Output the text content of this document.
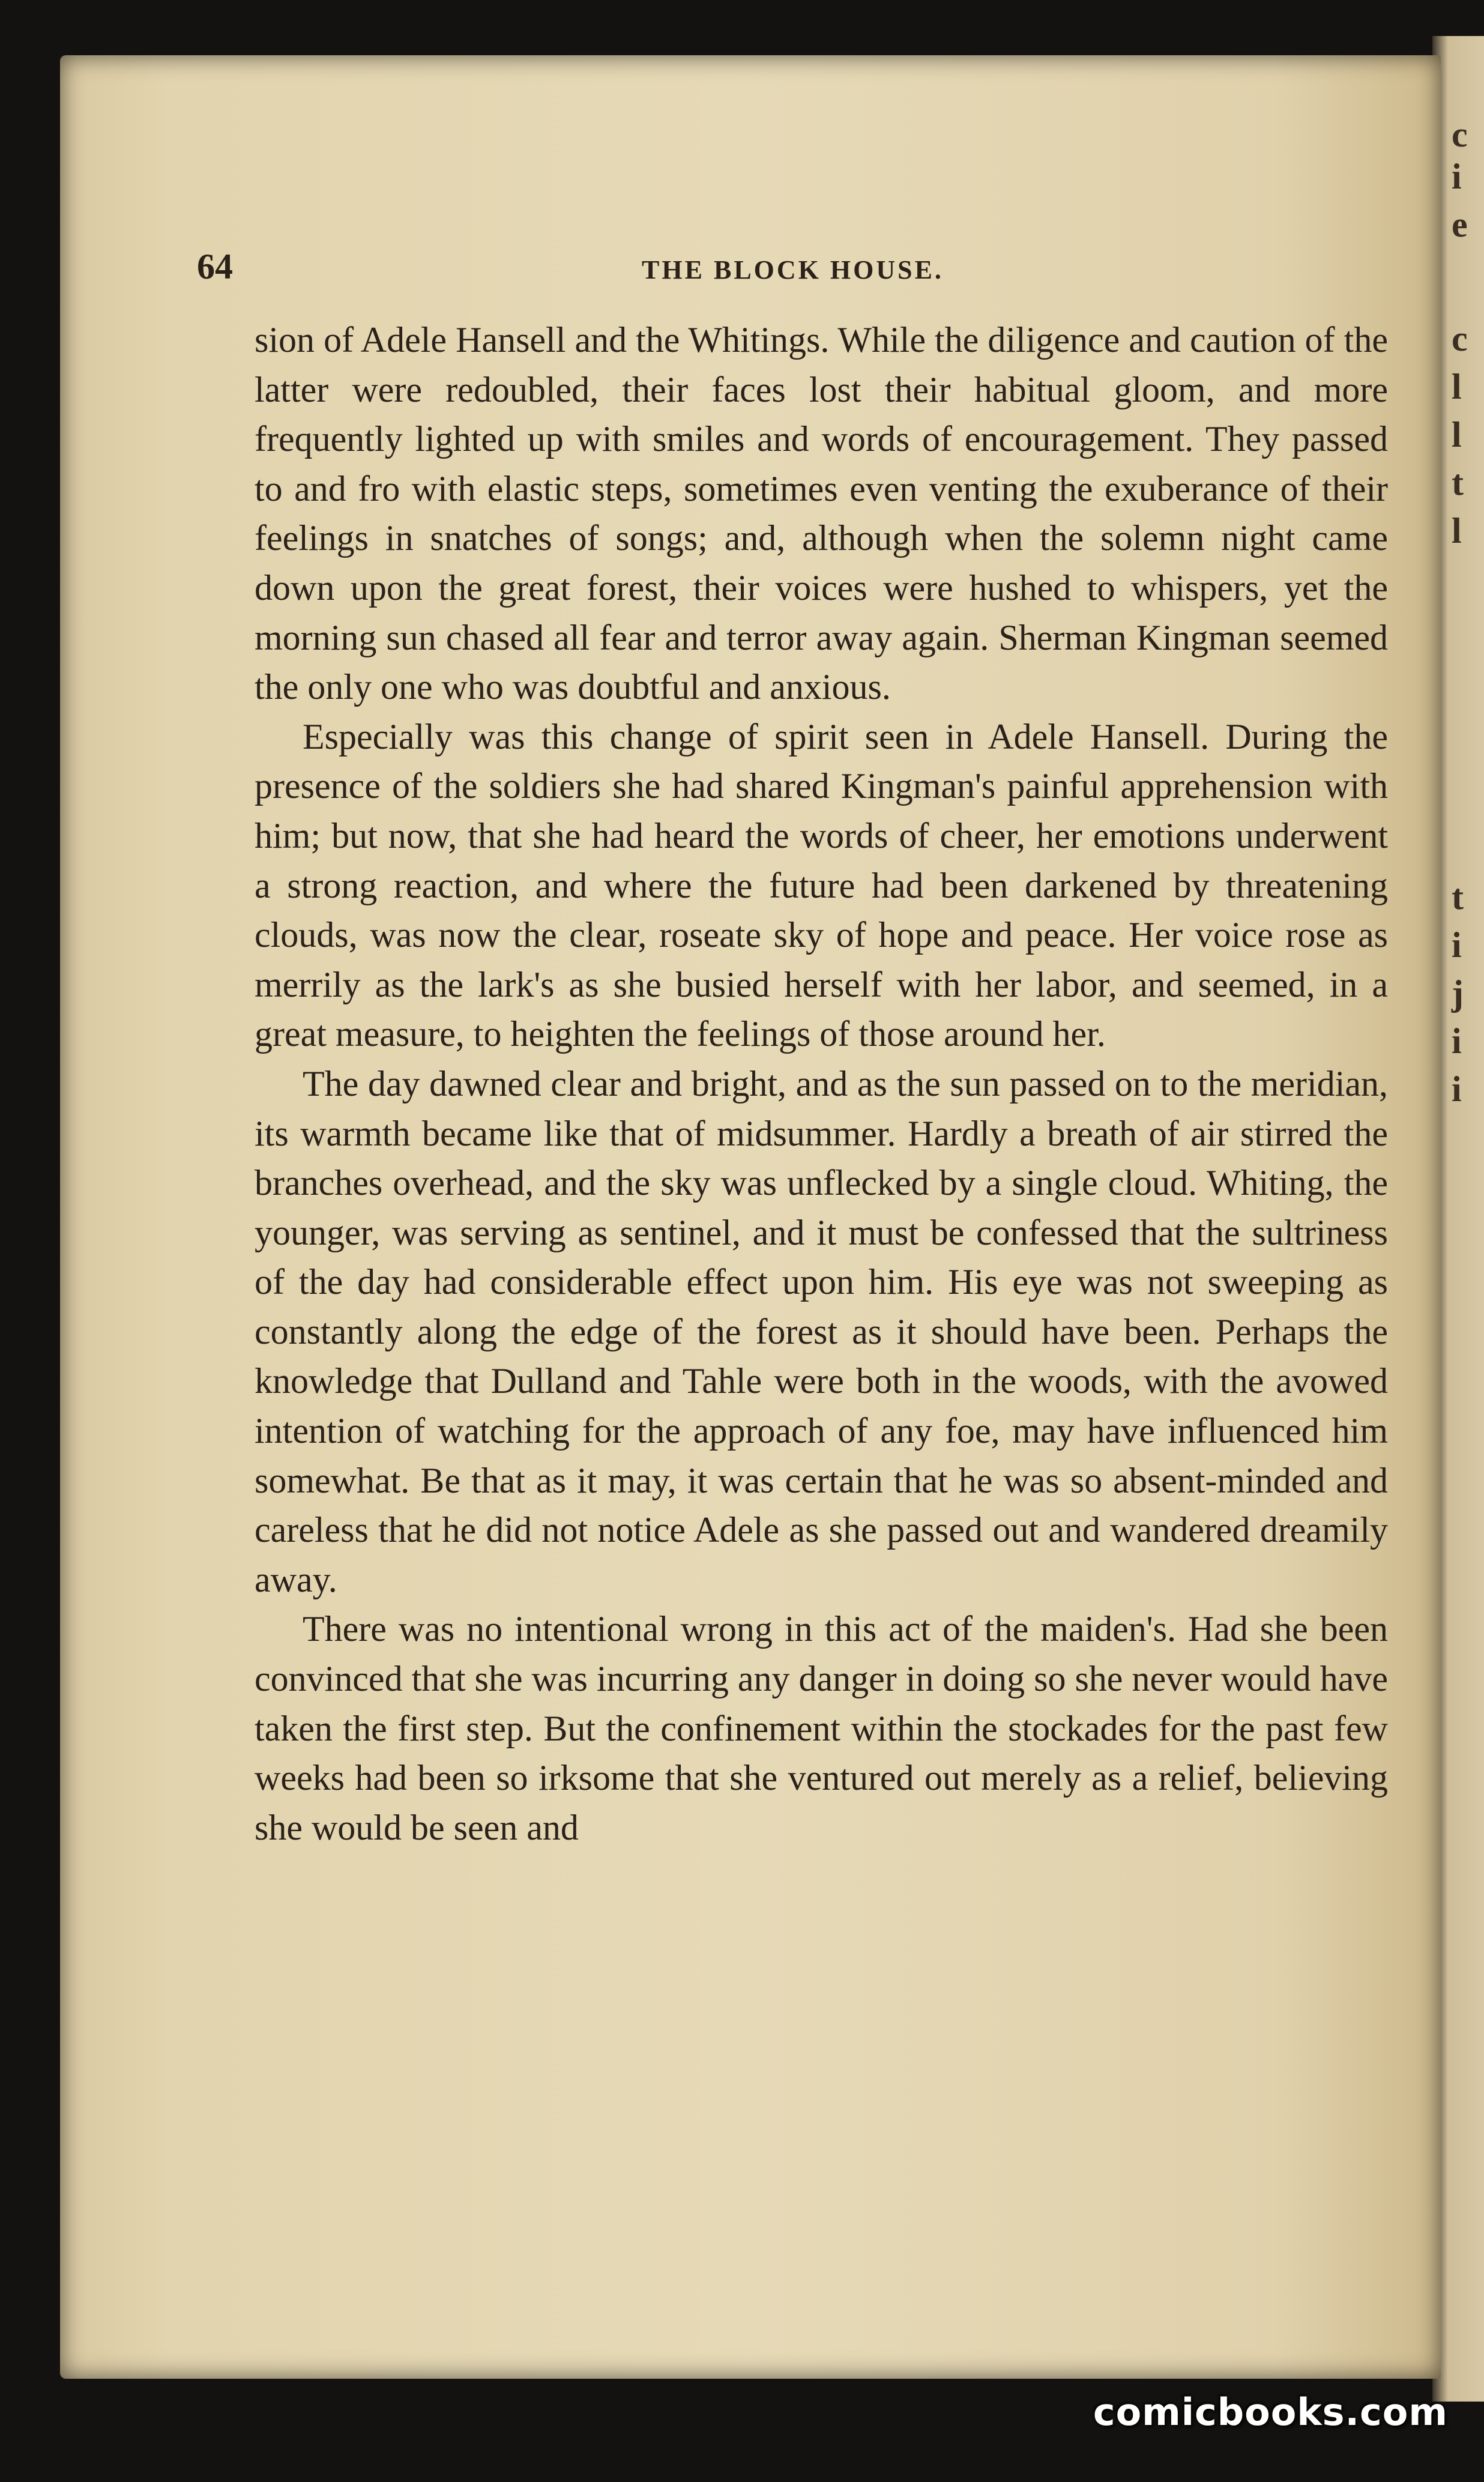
c
i
e
c
l
l
t
l
t
i
j
i
i
64	THE BLOCK HOUSE.

sion of Adele Hansell and the Whitings. While the diligence and caution of the latter were redoubled, their faces lost their habitual gloom, and more frequently lighted up with smiles and words of encouragement. They passed to and fro with elastic steps, sometimes even venting the exuberance of their feelings in snatches of songs; and, although when the solemn night came down upon the great forest, their voices were hushed to whispers, yet the morning sun chased all fear and terror away again. Sherman Kingman seemed the only one who was doubtful and anxious.

Especially was this change of spirit seen in Adele Hansell. During the presence of the soldiers she had shared Kingman's painful apprehension with him; but now, that she had heard the words of cheer, her emotions underwent a strong reaction, and where the future had been darkened by threatening clouds, was now the clear, roseate sky of hope and peace. Her voice rose as merrily as the lark's as she busied herself with her labor, and seemed, in a great measure, to heighten the feelings of those around her.

The day dawned clear and bright, and as the sun passed on to the meridian, its warmth became like that of midsummer. Hardly a breath of air stirred the branches overhead, and the sky was unflecked by a single cloud. Whiting, the younger, was serving as sentinel, and it must be confessed that the sultriness of the day had considerable effect upon him. His eye was not sweeping as constantly along the edge of the forest as it should have been. Perhaps the knowledge that Dulland and Tahle were both in the woods, with the avowed intention of watching for the approach of any foe, may have influenced him somewhat. Be that as it may, it was certain that he was so absent-minded and careless that he did not notice Adele as she passed out and wandered dreamily away.

There was no intentional wrong in this act of the maiden's. Had she been convinced that she was incurring any danger in doing so she never would have taken the first step. But the confinement within the stockades for the past few weeks had been so irksome that she ventured out merely as a relief, believing she would be seen and

comicbooks.com
